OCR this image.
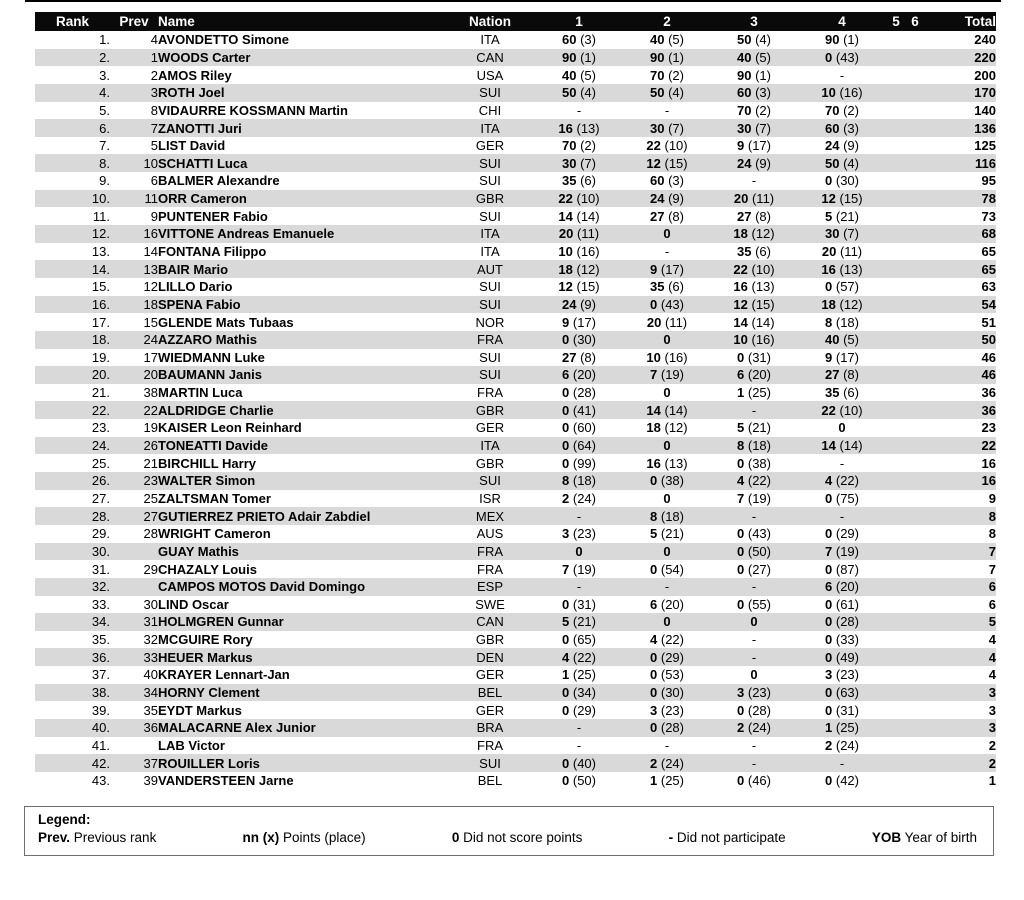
Rank	Prev	Name	Nation	1	2	3	4	5	6	Total
1.	4	AVONDETTO Simone	ITA	60 (3)	40 (5)	50 (4)	90 (1)			240
2.	1	WOODS Carter	CAN	90 (1)	90 (1)	40 (5)	0 (43)			220
3.	2	AMOS Riley	USA	40 (5)	70 (2)	90 (1)	-			200
4.	3	ROTH Joel	SUI	50 (4)	50 (4)	60 (3)	10 (16)			170
5.	8	VIDAURRE KOSSMANN Martin	CHI	-	-	70 (2)	70 (2)			140
6.	7	ZANOTTI Juri	ITA	16 (13)	30 (7)	30 (7)	60 (3)			136
7.	5	LIST David	GER	70 (2)	22 (10)	9 (17)	24 (9)			125
8.	10	SCHATTI Luca	SUI	30 (7)	12 (15)	24 (9)	50 (4)			116
9.	6	BALMER Alexandre	SUI	35 (6)	60 (3)	-	0 (30)			95
10.	11	ORR Cameron	GBR	22 (10)	24 (9)	20 (11)	12 (15)			78
11.	9	PUNTENER Fabio	SUI	14 (14)	27 (8)	27 (8)	5 (21)			73
12.	16	VITTONE Andreas Emanuele	ITA	20 (11)	0	18 (12)	30 (7)			68
13.	14	FONTANA Filippo	ITA	10 (16)	-	35 (6)	20 (11)			65
14.	13	BAIR Mario	AUT	18 (12)	9 (17)	22 (10)	16 (13)			65
15.	12	LILLO Dario	SUI	12 (15)	35 (6)	16 (13)	0 (57)			63
16.	18	SPENA Fabio	SUI	24 (9)	0 (43)	12 (15)	18 (12)			54
17.	15	GLENDE Mats Tubaas	NOR	9 (17)	20 (11)	14 (14)	8 (18)			51
18.	24	AZZARO Mathis	FRA	0 (30)	0	10 (16)	40 (5)			50
19.	17	WIEDMANN Luke	SUI	27 (8)	10 (16)	0 (31)	9 (17)			46
20.	20	BAUMANN Janis	SUI	6 (20)	7 (19)	6 (20)	27 (8)			46
21.	38	MARTIN Luca	FRA	0 (28)	0	1 (25)	35 (6)			36
22.	22	ALDRIDGE Charlie	GBR	0 (41)	14 (14)	-	22 (10)			36
23.	19	KAISER Leon Reinhard	GER	0 (60)	18 (12)	5 (21)	0			23
24.	26	TONEATTI Davide	ITA	0 (64)	0	8 (18)	14 (14)			22
25.	21	BIRCHILL Harry	GBR	0 (99)	16 (13)	0 (38)	-			16
26.	23	WALTER Simon	SUI	8 (18)	0 (38)	4 (22)	4 (22)			16
27.	25	ZALTSMAN Tomer	ISR	2 (24)	0	7 (19)	0 (75)			9
28.	27	GUTIERREZ PRIETO Adair Zabdiel	MEX	-	8 (18)	-	-			8
29.	28	WRIGHT Cameron	AUS	3 (23)	5 (21)	0 (43)	0 (29)			8
30.		GUAY Mathis	FRA	0	0	0 (50)	7 (19)			7
31.	29	CHAZALY Louis	FRA	7 (19)	0 (54)	0 (27)	0 (87)			7
32.		CAMPOS MOTOS David Domingo	ESP	-	-	-	6 (20)			6
33.	30	LIND Oscar	SWE	0 (31)	6 (20)	0 (55)	0 (61)			6
34.	31	HOLMGREN Gunnar	CAN	5 (21)	0	0	0 (28)			5
35.	32	MCGUIRE Rory	GBR	0 (65)	4 (22)	-	0 (33)			4
36.	33	HEUER Markus	DEN	4 (22)	0 (29)	-	0 (49)			4
37.	40	KRAYER Lennart-Jan	GER	1 (25)	0 (53)	0	3 (23)			4
38.	34	HORNY Clement	BEL	0 (34)	0 (30)	3 (23)	0 (63)			3
39.	35	EYDT Markus	GER	0 (29)	3 (23)	0 (28)	0 (31)			3
40.	36	MALACARNE Alex Junior	BRA	-	0 (28)	2 (24)	1 (25)			3
41.		LAB Victor	FRA	-	-	-	2 (24)			2
42.	37	ROUILLER Loris	SUI	0 (40)	2 (24)	-	-			2
43.	39	VANDERSTEEN Jarne	BEL	0 (50)	1 (25)	0 (46)	0 (42)			1
Legend:
Prev. Previous rank	nn (x) Points (place)	0 Did not score points	- Did not participate	YOB Year of birth
